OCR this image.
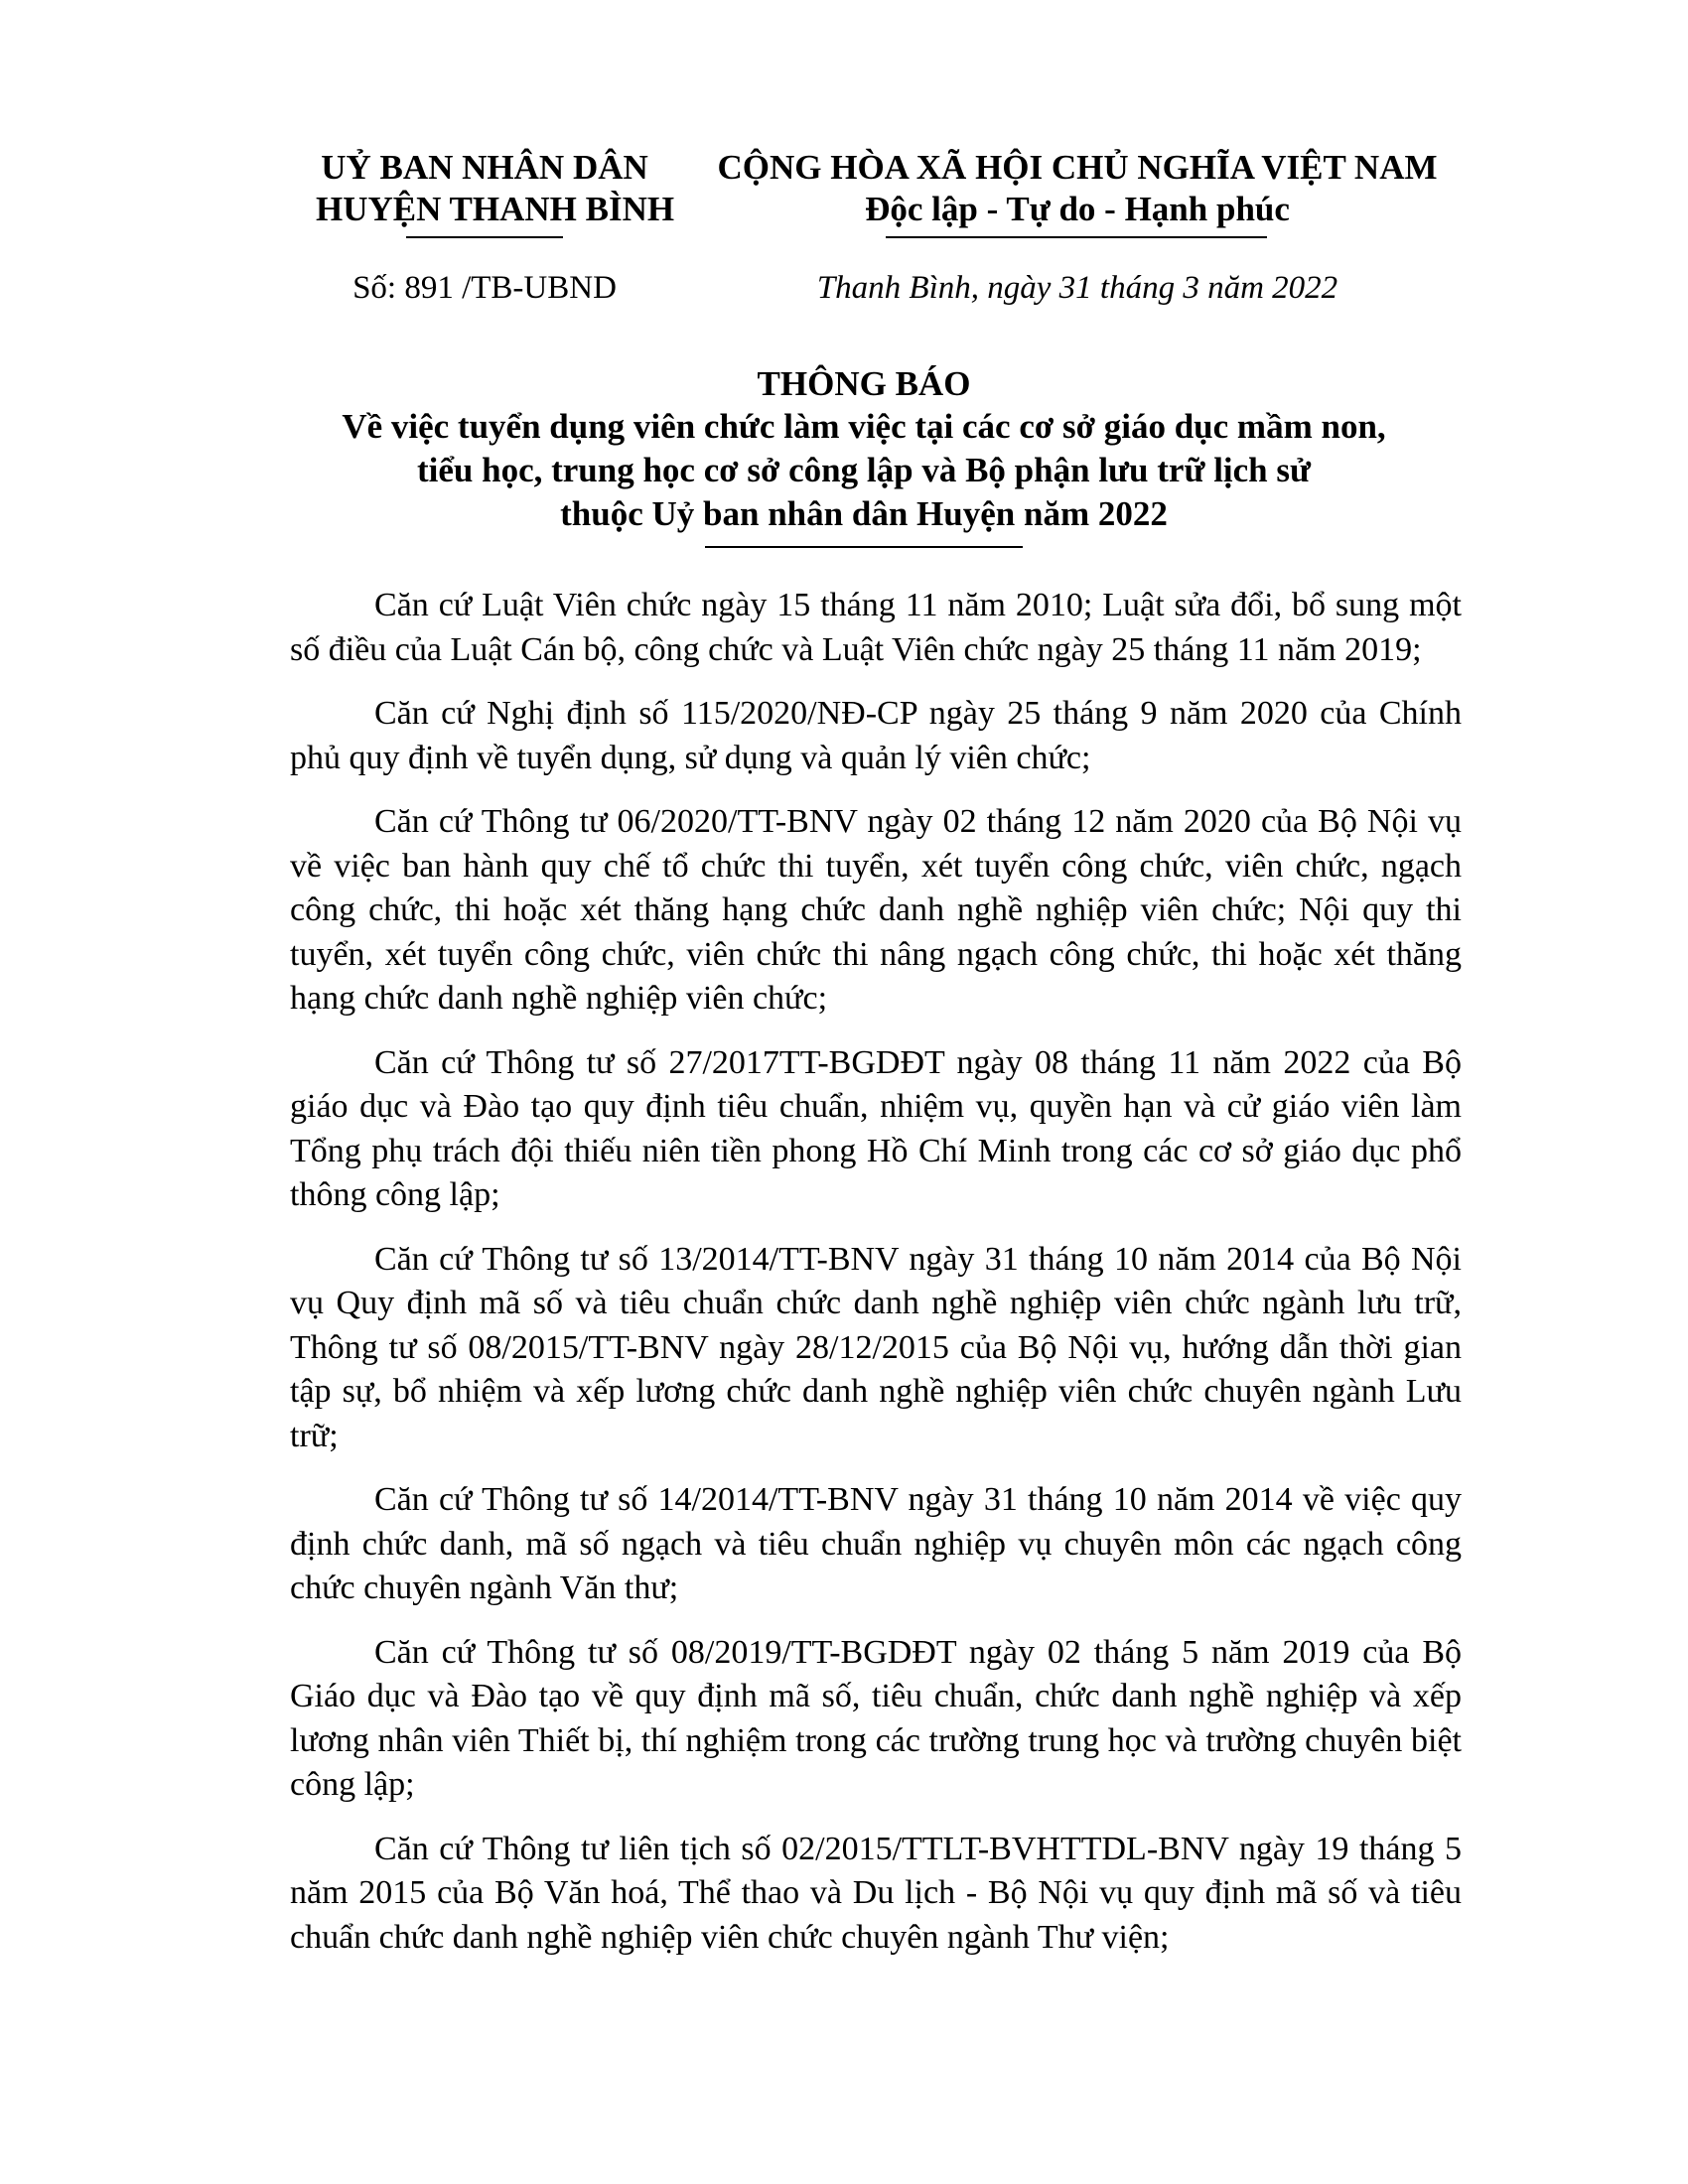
UỶ BAN NHÂN DÂN
HUYỆN THANH BÌNH
CỘNG HÒA XÃ HỘI CHỦ NGHĨA VIỆT NAM
Độc lập - Tự do - Hạnh phúc
Số: 891 /TB-UBND	Thanh Bình, ngày 31 tháng 3 năm 2022
THÔNG BÁO
Về việc tuyển dụng viên chức làm việc tại các cơ sở giáo dục mầm non,
tiểu học, trung học cơ sở công lập và Bộ phận lưu trữ lịch sử
thuộc Uỷ ban nhân dân Huyện năm 2022

Căn cứ Luật Viên chức ngày 15 tháng 11 năm 2010; Luật sửa đổi, bổ sung một số điều của Luật Cán bộ, công chức và Luật Viên chức ngày 25 tháng 11 năm 2019;

Căn cứ Nghị định số 115/2020/NĐ-CP ngày 25 tháng 9 năm 2020 của Chính phủ quy định về tuyển dụng, sử dụng và quản lý viên chức;

Căn cứ Thông tư 06/2020/TT-BNV ngày 02 tháng 12 năm 2020 của Bộ Nội vụ về việc ban hành quy chế tổ chức thi tuyển, xét tuyển công chức, viên chức, ngạch công chức, thi hoặc xét thăng hạng chức danh nghề nghiệp viên chức; Nội quy thi tuyển, xét tuyển công chức, viên chức thi nâng ngạch công chức, thi hoặc xét thăng hạng chức danh nghề nghiệp viên chức;

Căn cứ Thông tư số 27/2017TT-BGDĐT ngày 08 tháng 11 năm 2022 của Bộ giáo dục và Đào tạo quy định tiêu chuẩn, nhiệm vụ, quyền hạn và cử giáo viên làm Tổng phụ trách đội thiếu niên tiền phong Hồ Chí Minh trong các cơ sở giáo dục phổ thông công lập;

Căn cứ Thông tư số 13/2014/TT-BNV ngày 31 tháng 10 năm 2014 của Bộ Nội vụ Quy định mã số và tiêu chuẩn chức danh nghề nghiệp viên chức ngành lưu trữ, Thông tư số 08/2015/TT-BNV ngày 28/12/2015 của Bộ Nội vụ, hướng dẫn thời gian tập sự, bổ nhiệm và xếp lương chức danh nghề nghiệp viên chức chuyên ngành Lưu trữ;

Căn cứ Thông tư số 14/2014/TT-BNV ngày 31 tháng 10 năm 2014 về việc quy định chức danh, mã số ngạch và tiêu chuẩn nghiệp vụ chuyên môn các ngạch công chức chuyên ngành Văn thư;

Căn cứ Thông tư số 08/2019/TT-BGDĐT ngày 02 tháng 5 năm 2019 của Bộ Giáo dục và Đào tạo về quy định mã số, tiêu chuẩn, chức danh nghề nghiệp và xếp lương nhân viên Thiết bị, thí nghiệm trong các trường trung học và trường chuyên biệt công lập;

Căn cứ Thông tư liên tịch số 02/2015/TTLT-BVHTTDL-BNV ngày 19 tháng 5 năm 2015 của Bộ Văn hoá, Thể thao và Du lịch - Bộ Nội vụ quy định mã số và tiêu chuẩn chức danh nghề nghiệp viên chức chuyên ngành Thư viện;
